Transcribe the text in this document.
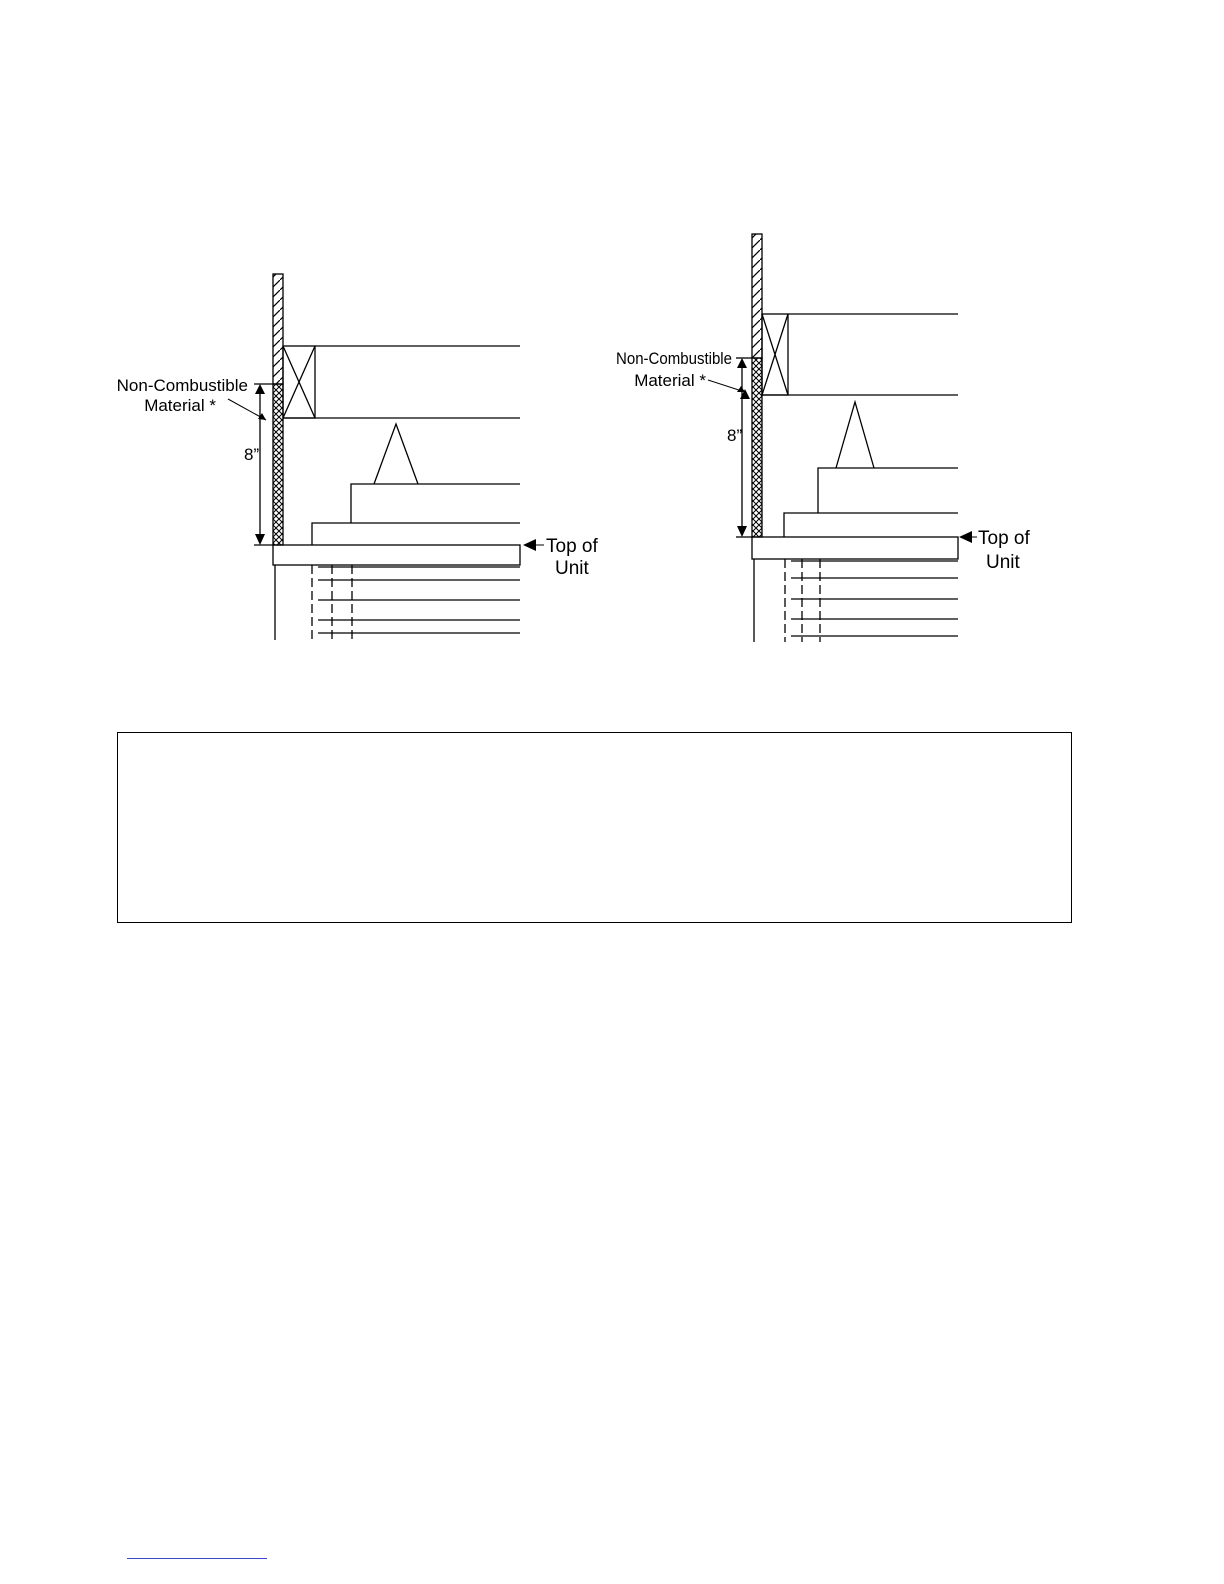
Non-Combustible
Material *
8”
Top of
Unit
Non-Combustible
Material *
8”
Top of
Unit
